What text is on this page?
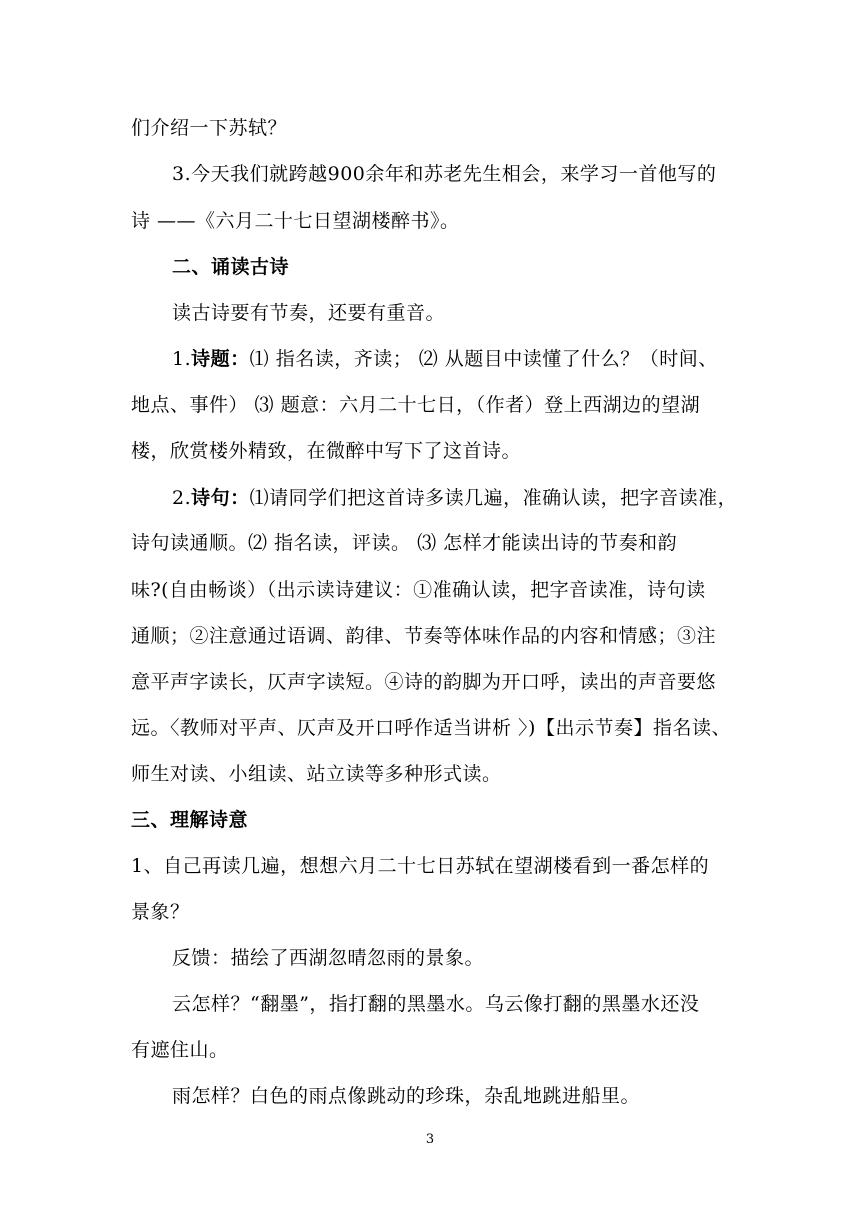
们介绍一下苏轼？
3.今天我们就跨越900余年和苏老先生相会，来学习一首他写的
诗 ——《六月二十七日望湖楼醉书》。
二、诵读古诗
读古诗要有节奏，还要有重音。
1.诗题：⑴ 指名读，齐读； ⑵ 从题目中读懂了什么？（时间、
地点、事件） ⑶ 题意：六月二十七日，（作者）登上西湖边的望湖
楼，欣赏楼外精致，在微醉中写下了这首诗。
2.诗句：⑴请同学们把这首诗多读几遍，准确认读，把字音读准，
诗句读通顺。⑵ 指名读，评读。 ⑶ 怎样才能读出诗的节奏和韵
味?(自由畅谈）（出示读诗建议：①准确认读，把字音读准，诗句读
通顺；②注意通过语调、韵律、节奏等体味作品的内容和情感；③注
意平声字读长，仄声字读短。④诗的韵脚为开口呼，读出的声音要悠
远。〈教师对平声、仄声及开口呼作适当讲析 〉)【出示节奏】指名读、
师生对读、小组读、站立读等多种形式读。
三、理解诗意
1、自己再读几遍，想想六月二十七日苏轼在望湖楼看到一番怎样的
景象？
反馈：描绘了西湖忽晴忽雨的景象。
云怎样？“翻墨”，指打翻的黑墨水。乌云像打翻的黑墨水还没
有遮住山。
雨怎样？白色的雨点像跳动的珍珠，杂乱地跳进船里。
3
